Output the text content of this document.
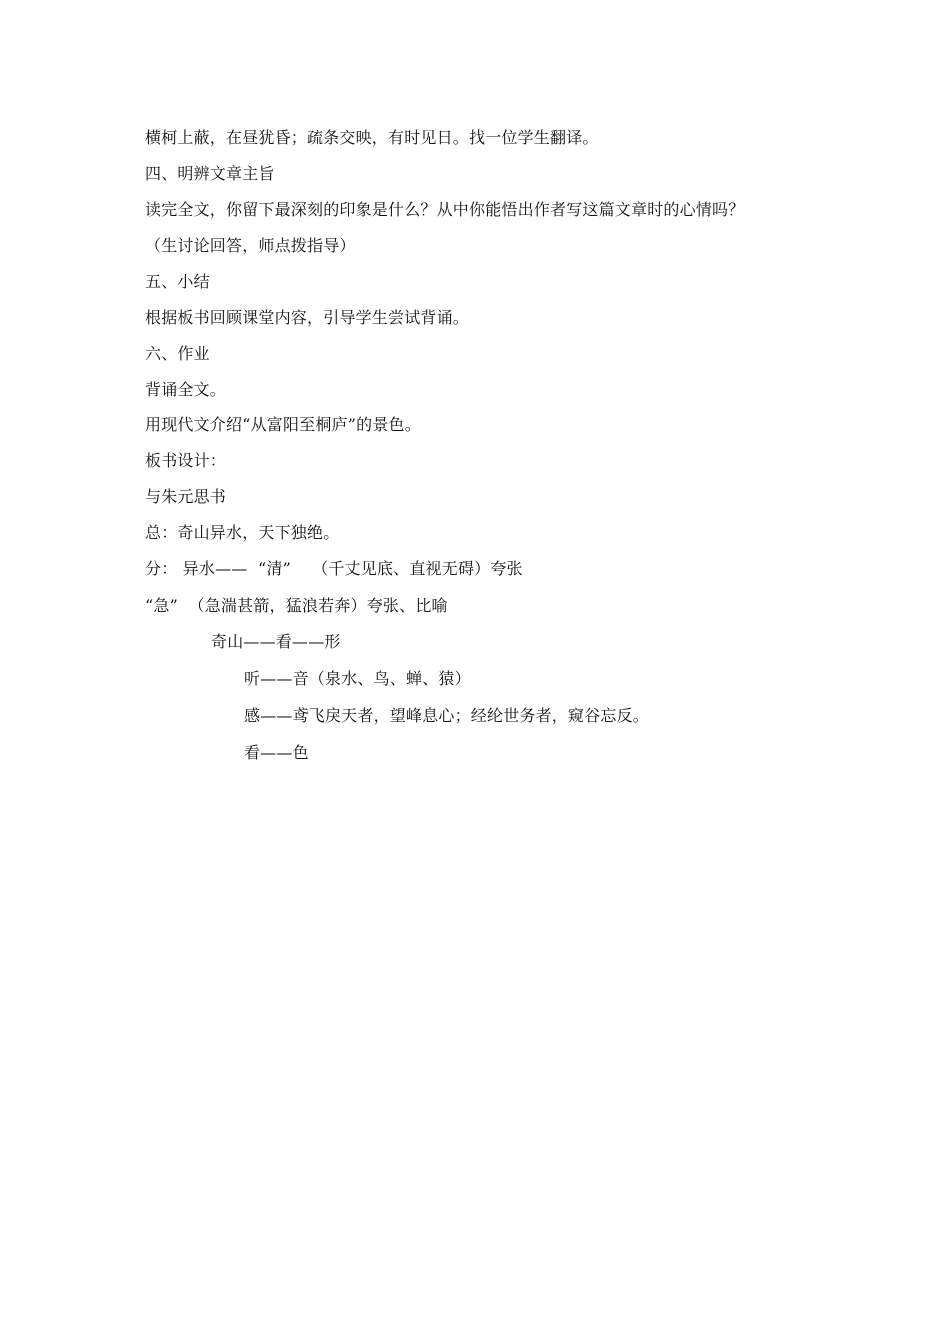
横柯上蔽，在昼犹昏；疏条交映，有时见日。找一位学生翻译。
四、明辨文章主旨
读完全文，你留下最深刻的印象是什么？从中你能悟出作者写这篇文章时的心情吗？
（生讨论回答，师点拨指导）
五、小结
根据板书回顾课堂内容，引导学生尝试背诵。
六、作业
背诵全文。
用现代文介绍“从富阳至桐庐”的景色。
板书设计：
与朱元思书
总：奇山异水，天下独绝。
分： 异水——  “清”    （千丈见底、直视无碍）夸张
“急”  （急湍甚箭，猛浪若奔）夸张、比喻
奇山——看——形
听——音（泉水、鸟、蝉、猿）
感——鸢飞戾天者，望峰息心；经纶世务者，窥谷忘反。
看——色
